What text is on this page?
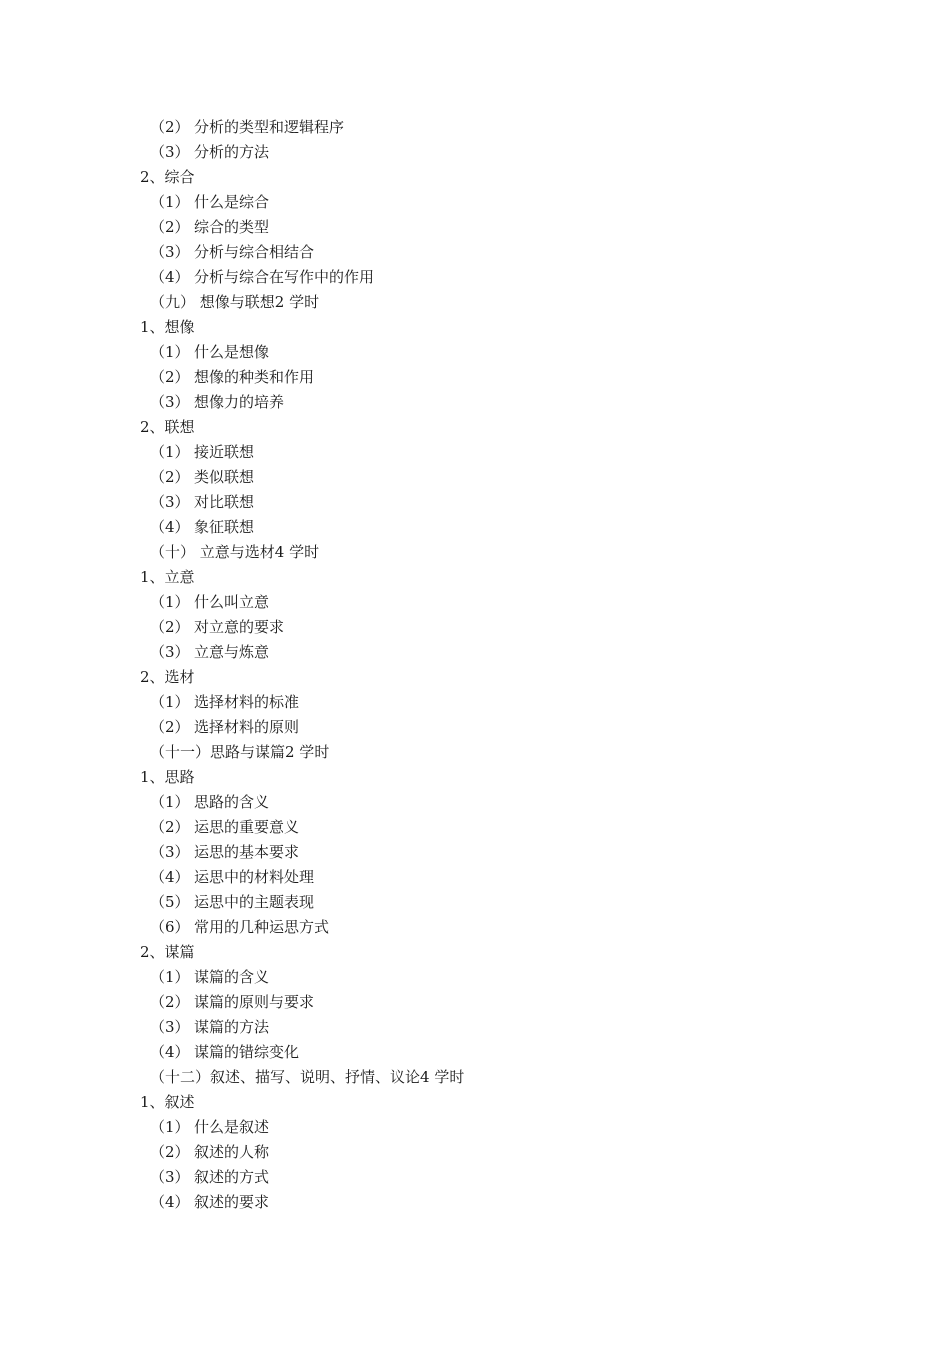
（2） 分析的类型和逻辑程序
（3） 分析的方法
2、综合
（1） 什么是综合
（2） 综合的类型
（3） 分析与综合相结合
（4） 分析与综合在写作中的作用
（九） 想像与联想2 学时
1、想像
（1） 什么是想像
（2） 想像的种类和作用
（3） 想像力的培养
2、联想
（1） 接近联想
（2） 类似联想
（3） 对比联想
（4） 象征联想
（十） 立意与选材4 学时
1、立意
（1） 什么叫立意
（2） 对立意的要求
（3） 立意与炼意
2、选材
（1） 选择材料的标准
（2） 选择材料的原则
（十一）思路与谋篇2 学时
1、思路
（1） 思路的含义
（2） 运思的重要意义
（3） 运思的基本要求
（4） 运思中的材料处理
（5） 运思中的主题表现
（6） 常用的几种运思方式
2、谋篇
（1） 谋篇的含义
（2） 谋篇的原则与要求
（3） 谋篇的方法
（4） 谋篇的错综变化
（十二）叙述、描写、说明、抒情、议论4 学时
1、叙述
（1） 什么是叙述
（2） 叙述的人称
（3） 叙述的方式
（4） 叙述的要求
